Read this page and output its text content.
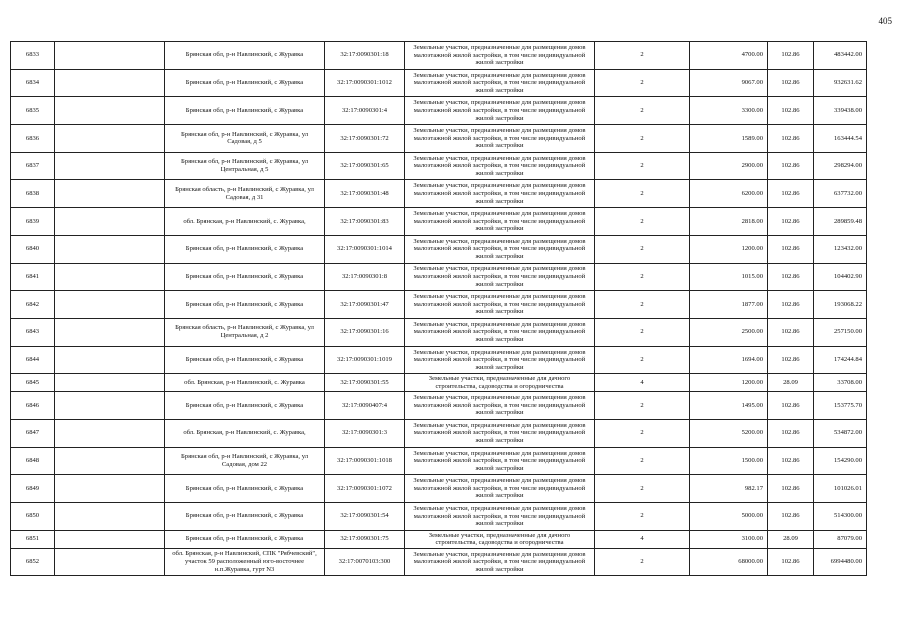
405
6833		Брянская обл, р-н Навлинский, с Журавка	32:17:0090301:18	Земельные участки, предназначенные для размещения домов малоэтажной жилой застройки, в том числе индивидуальной жилой застройки	2	4700.00	102.86	483442.00
6834		Брянская обл, р-н Навлинский, с Журавка	32:17:0090301:1012	Земельные участки, предназначенные для размещения домов малоэтажной жилой застройки, в том числе индивидуальной жилой застройки	2	9067.00	102.86	932631.62
6835		Брянская обл, р-н Навлинский, с Журавка	32:17:0090301:4	Земельные участки, предназначенные для размещения домов малоэтажной жилой застройки, в том числе индивидуальной жилой застройки	2	3300.00	102.86	339438.00
6836		Брянская обл, р-н Навлинский, с Журавка, ул Садовая, д 5	32:17:0090301:72	Земельные участки, предназначенные для размещения домов малоэтажной жилой застройки, в том числе индивидуальной жилой застройки	2	1589.00	102.86	163444.54
6837		Брянская обл, р-н Навлинский, с Журавка, ул Центральная, д 5	32:17:0090301:65	Земельные участки, предназначенные для размещения домов малоэтажной жилой застройки, в том числе индивидуальной жилой застройки	2	2900.00	102.86	298294.00
6838		Брянская область, р-н Навлинский, с Журавка, ул Садовая, д 31	32:17:0090301:48	Земельные участки, предназначенные для размещения домов малоэтажной жилой застройки, в том числе индивидуальной жилой застройки	2	6200.00	102.86	637732.00
6839		обл. Брянская, р-н Навлинский, с. Журавка,	32:17:0090301:83	Земельные участки, предназначенные для размещения домов малоэтажной жилой застройки, в том числе индивидуальной жилой застройки	2	2818.00	102.86	289859.48
6840		Брянская обл, р-н Навлинский, с Журавка	32:17:0090301:1014	Земельные участки, предназначенные для размещения домов малоэтажной жилой застройки, в том числе индивидуальной жилой застройки	2	1200.00	102.86	123432.00
6841		Брянская обл, р-н Навлинский, с Журавка	32:17:0090301:8	Земельные участки, предназначенные для размещения домов малоэтажной жилой застройки, в том числе индивидуальной жилой застройки	2	1015.00	102.86	104402.90
6842		Брянская обл, р-н Навлинский, с Журавка	32:17:0090301:47	Земельные участки, предназначенные для размещения домов малоэтажной жилой застройки, в том числе индивидуальной жилой застройки	2	1877.00	102.86	193068.22
6843		Брянская область, р-н Навлинский, с Журавка, ул Центральная, д 2	32:17:0090301:16	Земельные участки, предназначенные для размещения домов малоэтажной жилой застройки, в том числе индивидуальной жилой застройки	2	2500.00	102.86	257150.00
6844		Брянская обл, р-н Навлинский, с Журавка	32:17:0090301:1019	Земельные участки, предназначенные для размещения домов малоэтажной жилой застройки, в том числе индивидуальной жилой застройки	2	1694.00	102.86	174244.84
6845		обл. Брянская, р-н Навлинский, с. Журавка	32:17:0090301:55	Земельные участки, предназначенные для дачного строительства, садоводства и огородничества	4	1200.00	28.09	33708.00
6846		Брянская обл, р-н Навлинский, с Журавка	32:17:0090407:4	Земельные участки, предназначенные для размещения домов малоэтажной жилой застройки, в том числе индивидуальной жилой застройки	2	1495.00	102.86	153775.70
6847		обл. Брянская, р-н Навлинский, с. Журавка,	32:17:0090301:3	Земельные участки, предназначенные для размещения домов малоэтажной жилой застройки, в том числе индивидуальной жилой застройки	2	5200.00	102.86	534872.00
6848		Брянская обл, р-н Навлинский, с Журавка, ул Садовая, дом 22	32:17:0090301:1018	Земельные участки, предназначенные для размещения домов малоэтажной жилой застройки, в том числе индивидуальной жилой застройки	2	1500.00	102.86	154290.00
6849		Брянская обл, р-н Навлинский, с Журавка	32:17:0090301:1072	Земельные участки, предназначенные для размещения домов малоэтажной жилой застройки, в том числе индивидуальной жилой застройки	2	982.17	102.86	101026.01
6850		Брянская обл, р-н Навлинский, с Журавка	32:17:0090301:54	Земельные участки, предназначенные для размещения домов малоэтажной жилой застройки, в том числе индивидуальной жилой застройки	2	5000.00	102.86	514300.00
6851		Брянская обл, р-н Навлинский, с Журавка	32:17:0090301:75	Земельные участки, предназначенные для дачного строительства, садоводства и огородничества	4	3100.00	28.09	87079.00
6852		обл. Брянская, р-н Навлинский, СПК "Рябчевский", участок 59 расположенный юго-восточнее н.п.Журавка, гурт N3	32:17:0070103:300	Земельные участки, предназначенные для размещения домов малоэтажной жилой застройки, в том числе индивидуальной жилой застройки	2	68000.00	102.86	6994480.00
